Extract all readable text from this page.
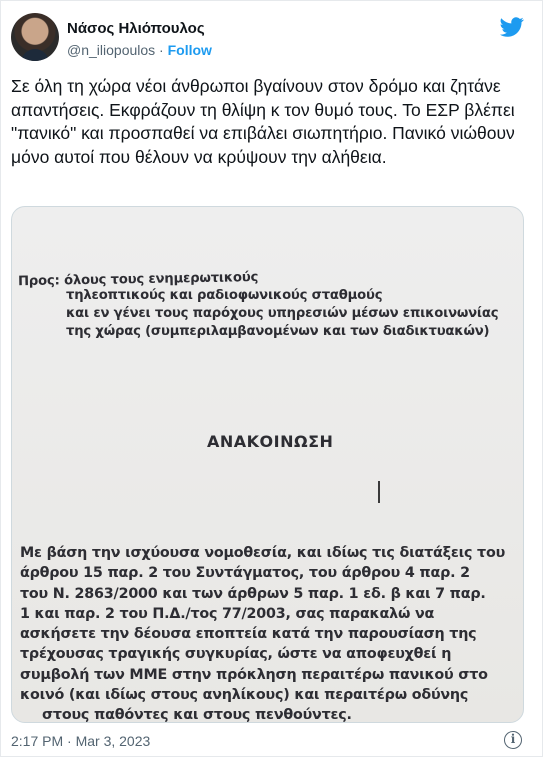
Νάσος Ηλιόπουλος
@n_iliopoulos · Follow
Σε όλη τη χώρα νέοι άνθρωποι βγαίνουν στον δρόμο και ζητάνε απαντήσεις. Εκφράζουν τη θλίψη κ τον θυμό τους. Το ΕΣΡ βλέπει "πανικό" και προσπαθεί να επιβάλει σιωπητήριο. Πανικό νιώθουν μόνο αυτοί που θέλουν να κρύψουν την αλήθεια.
Προς: όλους τους ενημερωτικούς
τηλεοπτικούς και ραδιοφωνικούς σταθμούς
και εν γένει τους παρόχους υπηρεσιών μέσων επικοινωνίας
της χώρας (συμπεριλαμβανομένων και των διαδικτυακών)
ΑΝΑΚΟΙΝΩΣΗ
Με βάση την ισχύουσα νομοθεσία, και ιδίως τις διατάξεις του
άρθρου 15 παρ. 2 του Συντάγματος, του άρθρου 4 παρ. 2
του Ν. 2863/2000 και των άρθρων 5 παρ. 1 εδ. β και 7 παρ.
1 και παρ. 2 του Π.Δ./τος 77/2003, σας παρακαλώ να
ασκήσετε την δέουσα εποπτεία κατά την παρουσίαση της
τρέχουσας τραγικής συγκυρίας, ώστε να αποφευχθεί η
συμβολή των ΜΜΕ στην πρόκληση περαιτέρω πανικού στο
κοινό (και ιδίως στους ανηλίκους) και περαιτέρω οδύνης
στους παθόντες και στους πενθούντες.
2:17 PM · Mar 3, 2023	i
